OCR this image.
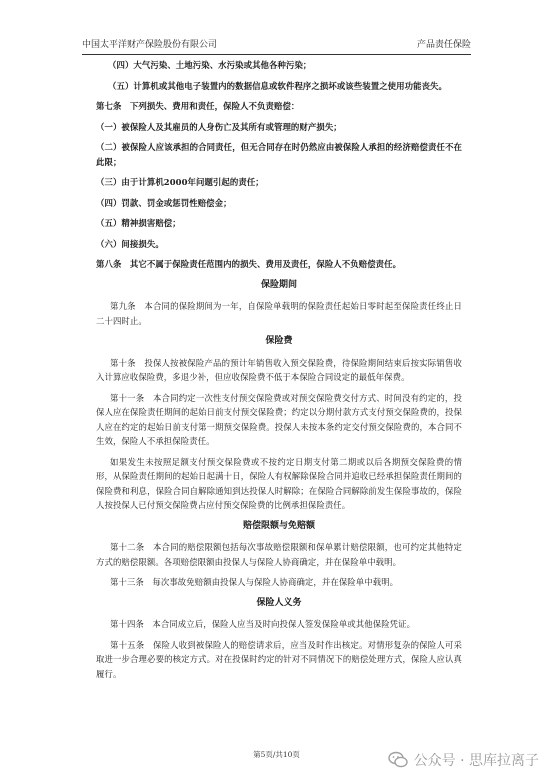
中国太平洋财产保险股份有限公司	产品责任保险

（四）大气污染、土地污染、水污染或其他各种污染；

（五）计算机或其他电子装置内的数据信息或软件程序之损坏或该些装置之使用功能丧失。

第七条　下列损失、费用和责任，保险人不负责赔偿：

（一）被保险人及其雇员的人身伤亡及其所有或管理的财产损失；

（二）被保险人应该承担的合同责任，但无合同存在时仍然应由被保险人承担的经济赔偿责任不在此限；

（三）由于计算机2000年问题引起的责任；

（四）罚款、罚金或惩罚性赔偿金；

（五）精神损害赔偿；

（六）间接损失。

第八条　其它不属于保险责任范围内的损失、费用及责任，保险人不负赔偿责任。

保险期间

第九条　本合同的保险期间为一年，自保险单载明的保险责任起始日零时起至保险责任终止日二十四时止。

保险费

第十条　投保人按被保险产品的预计年销售收入预交保险费，待保险期间结束后按实际销售收入计算应收保险费，多退少补，但应收保险费不低于本保险合同设定的最低年保费。

第十一条　本合同约定一次性支付预交保险费或对预交保险费交付方式、时间没有约定的，投保人应在保险责任期间的起始日前支付预交保险费；约定以分期付款方式支付预交保险费的，投保人应在约定的起始日前支付第一期预交保险费。投保人未按本条约定交付预交保险费的，本合同不生效，保险人不承担保险责任。

如果发生未按照足额支付预交保险费或不按约定日期支付第二期或以后各期预交保险费的情形，从保险责任期间的起始日起满十日，保险人有权解除保险合同并追收已经承担保险责任期间的保险费和利息，保险合同自解除通知到达投保人时解除；在保险合同解除前发生保险事故的，保险人按投保人已付预交保险费占应付预交保险费的比例承担保险责任。

赔偿限额与免赔额

第十二条　本合同的赔偿限额包括每次事故赔偿限额和保单累计赔偿限额，也可约定其他特定方式的赔偿限额。各项赔偿限额由投保人与保险人协商确定，并在保险单中载明。

第十三条　每次事故免赔额由投保人与保险人协商确定，并在保险单中载明。

保险人义务

第十四条　本合同成立后，保险人应当及时向投保人签发保险单或其他保险凭证。

第十五条　保险人收到被保险人的赔偿请求后，应当及时作出核定。对情形复杂的保险人可采取进一步合理必要的核定方式。对在投保时约定的针对不同情况下的赔偿处理方式，保险人应认真履行。

第5页/共10页	公众号 · 思库拉离子
